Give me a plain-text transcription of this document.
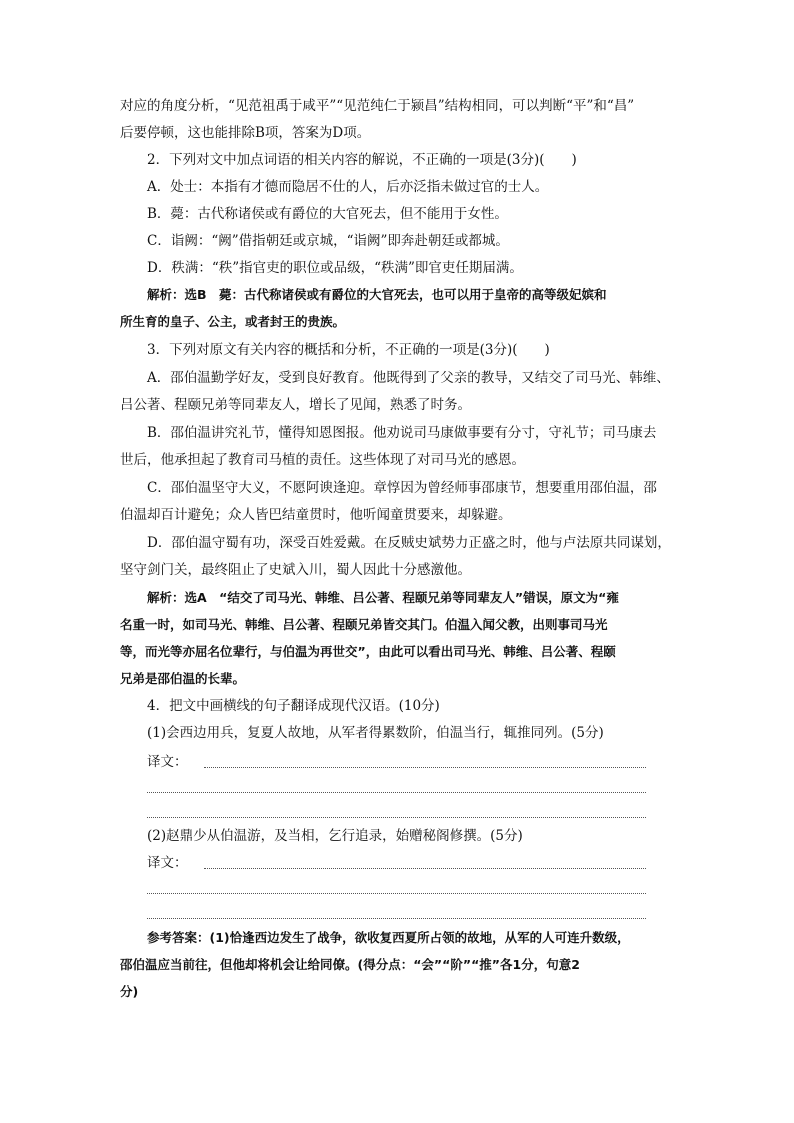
对应的角度分析，“见范祖禹于咸平”“见范纯仁于颍昌”结构相同，可以判断“平”和“昌”
后要停顿，这也能排除B项，答案为D项。
2．下列对文中加点词语的相关内容的解说，不正确的一项是(3分)(　　)
A．处士：本指有才德而隐居不仕的人，后亦泛指未做过官的士人。
B．薨：古代称诸侯或有爵位的大官死去，但不能用于女性。
C．诣阙：“阙”借指朝廷或京城，“诣阙”即奔赴朝廷或都城。
D．秩满：“秩”指官吏的职位或品级，“秩满”即官吏任期届满。
解析：选B　薨：古代称诸侯或有爵位的大官死去，也可以用于皇帝的高等级妃嫔和
所生育的皇子、公主，或者封王的贵族。
3．下列对原文有关内容的概括和分析，不正确的一项是(3分)(　　)
A．邵伯温勤学好友，受到良好教育。他既得到了父亲的教导，又结交了司马光、韩维、
吕公著、程颐兄弟等同辈友人，增长了见闻，熟悉了时务。
B．邵伯温讲究礼节，懂得知恩图报。他劝说司马康做事要有分寸，守礼节；司马康去
世后，他承担起了教育司马植的责任。这些体现了对司马光的感恩。
C．邵伯温坚守大义，不愿阿谀逢迎。章惇因为曾经师事邵康节，想要重用邵伯温，邵
伯温却百计避免；众人皆巴结童贯时，他听闻童贯要来，却躲避。
D．邵伯温守蜀有功，深受百姓爱戴。在反贼史斌势力正盛之时，他与卢法原共同谋划，
坚守剑门关，最终阻止了史斌入川，蜀人因此十分感激他。
解析：选A　“结交了司马光、韩维、吕公著、程颐兄弟等同辈友人”错误，原文为“雍
名重一时，如司马光、韩维、吕公著、程颐兄弟皆交其门。伯温入闻父教，出则事司马光
等，而光等亦屈名位辈行，与伯温为再世交”，由此可以看出司马光、韩维、吕公著、程颐
兄弟是邵伯温的长辈。
4．把文中画横线的句子翻译成现代汉语。(10分)
(1)会西边用兵，复夏人故地，从军者得累数阶，伯温当行，辄推同列。(5分)
译文：
(2)赵鼎少从伯温游，及当相，乞行追录，始赠秘阁修撰。(5分)
译文：
参考答案：(1)恰逢西边发生了战争，欲收复西夏所占领的故地，从军的人可连升数级，
邵伯温应当前往，但他却将机会让给同僚。(得分点：“会”“阶”“推”各1分，句意2
分)
